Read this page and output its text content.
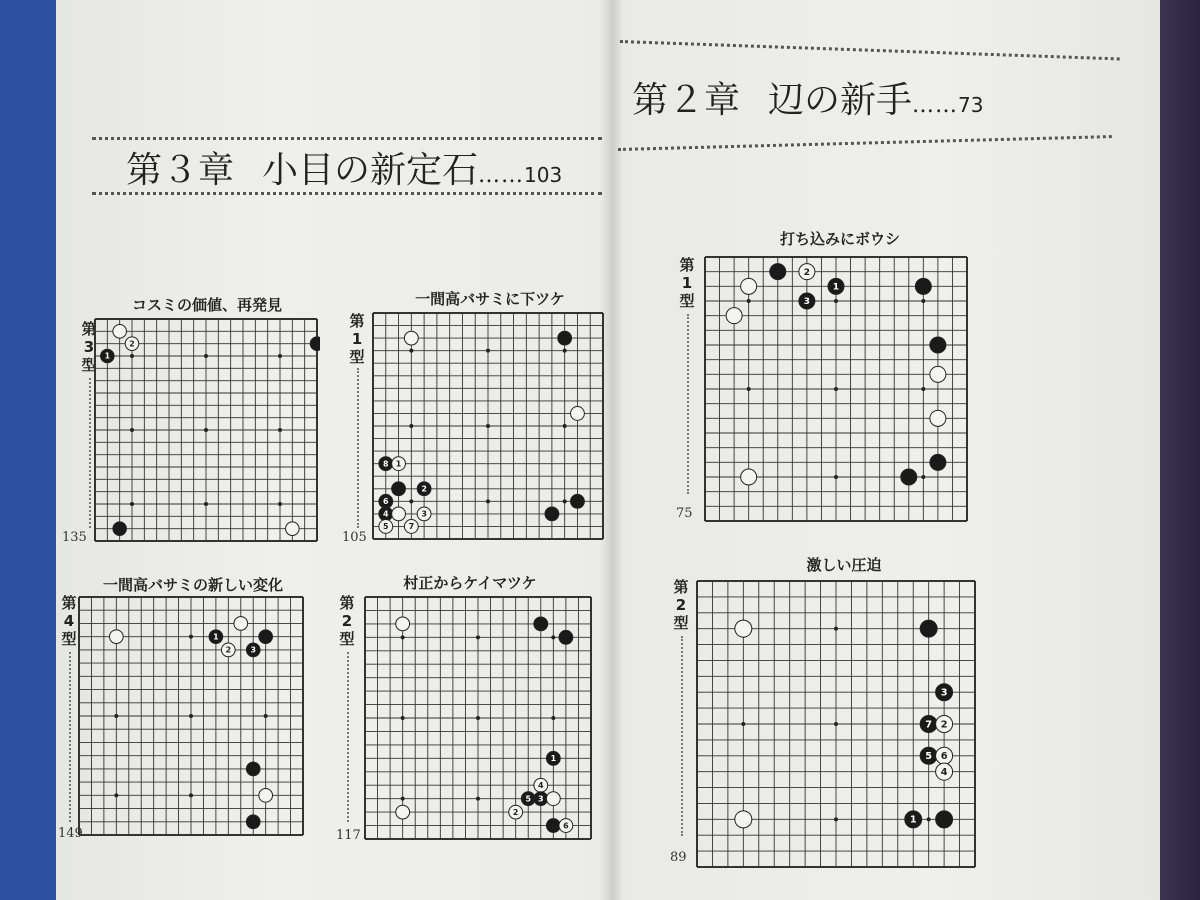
第３章 小目の新定石……103
第２章 辺の新手……73
コスミの価値、再発見
第
3
型
135
2
1
一間高バサミに下ツケ
第
1
型
105
8 1
2
6
4	3
5	7
一間高バサミの新しい変化
第
4
型
149
1
2 3
村正からケイマツケ
第
2
型
117
1
4
5 3
2
6
打ち込みにボウシ
第
1
型
75
2
1
3
激しい圧迫
第
2
型
89
3
7 2
5 6
4
1
